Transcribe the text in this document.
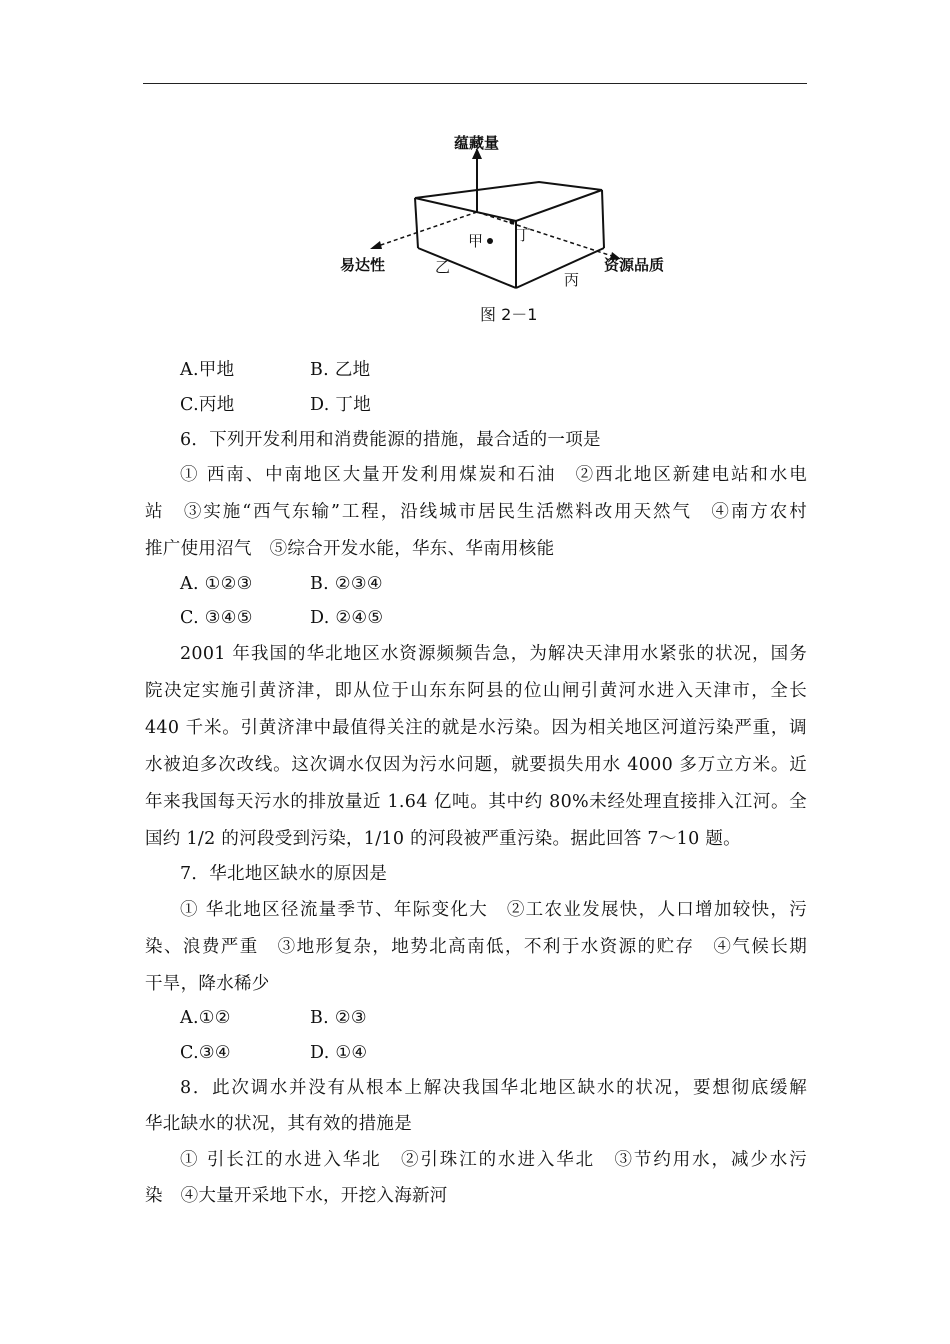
蕴藏量
易达性	资源品质
甲
乙
丙
丁
图 2－1
A.甲地	B. 乙地
C.丙地	D. 丁地
6．下列开发利用和消费能源的措施，最合适的一项是
① 西南、中南地区大量开发利用煤炭和石油　②西北地区新建电站和水电
站　③实施“西气东输”工程，沿线城市居民生活燃料改用天然气　④南方农村
推广使用沼气　⑤综合开发水能，华东、华南用核能
A. ①②③	B. ②③④
C. ③④⑤	D. ②④⑤
2001 年我国的华北地区水资源频频告急，为解决天津用水紧张的状况，国务
院决定实施引黄济津，即从位于山东东阿县的位山闸引黄河水进入天津市，全长
440 千米。引黄济津中最值得关注的就是水污染。因为相关地区河道污染严重，调
水被迫多次改线。这次调水仅因为污水问题，就要损失用水 4000 多万立方米。近
年来我国每天污水的排放量近 1.64 亿吨。其中约 80%未经处理直接排入江河。全
国约 1/2 的河段受到污染，1/10 的河段被严重污染。据此回答 7～10 题。
7．华北地区缺水的原因是
① 华北地区径流量季节、年际变化大　②工农业发展快，人口增加较快，污
染、浪费严重　③地形复杂，地势北高南低，不利于水资源的贮存　④气候长期
干旱，降水稀少
A.①②	B. ②③
C.③④	D. ①④
8．此次调水并没有从根本上解决我国华北地区缺水的状况，要想彻底缓解
华北缺水的状况，其有效的措施是
① 引长江的水进入华北　②引珠江的水进入华北　③节约用水，减少水污
染　④大量开采地下水，开挖入海新河
